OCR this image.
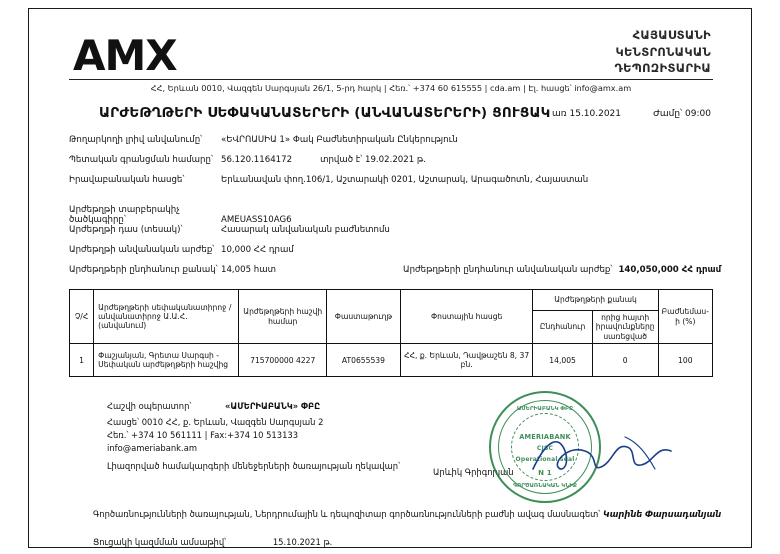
AMX	ՀԱՅԱՍՏԱՆԻ
ԿԵՆՏՐՈՆԱԿԱՆ
ԴԵՊՈԶԻՏԱՐԻԱ
ՀՀ, Երևան 0010, Վազգեն Սարգսյան 26/1, 5-րդ հարկ | Հեռ.՝ +374 60 615555 | cda.am | Էլ. հասցե՝ info@amx.am
ԱՐԺԵԹՂԹԵՐԻ ՍԵՓԱԿԱՆԱՏԵՐԵՐԻ (ԱՆՎԱՆԱՏԵՐԵՐԻ) ՑՈՒՑԱԿ առ 15.10.2021	Ժամը՝ 09:00
Թողարկողի լրիվ անվանումը՝ «ԵՎՐՈԱՍԻԱ 1» Փակ Բաժնետիրական Ընկերություն
Պետական գրանցման համարը՝ 56.120.1164172	տրված է՝ 19.02.2021 թ.
Իրավաբանական հասցե՝	Երևանավան փող.106/1, Աշտարակի 0201, Աշտարակ, Արագածոտն, Հայաստան
Արժեթղթի տարբերակիչ ծածկագիրը՝	AMEUASS10AG6
Արժեթղթի դաս (տեսակ)՝	Հասարակ անվանական բաժնետոմս
Արժեթղթի անվանական արժեք՝ 10,000 ՀՀ դրամ
Արժեթղթերի ընդհանուր քանակ՝ 14,005 հատ	Արժեթղթերի ընդհանուր անվանական արժեք՝ 140,050,000 ՀՀ դրամ
Չ/Հ	Արժեթղթերի սեփականատիրոջ / անվանատիրոջ Ա.Ա.Հ. (անվանում)	Արժեթղթերի հաշվի համար	Փաստաթուղթ	Փոստային հասցե	Արժեթղթերի քանակ		Բաժնեմաս-ի (%)
					Ընդհանուր	որից հայտի իրավունքները սառեցված	
1	Փաշյանյան, Գրետա Սարգսի - Սեփական արժեթղթերի հաշվից	715700000 4227	AT0655539	ՀՀ, ք. Երևան, Դավթաշեն 8, 37 բն.	14,005	0	100
Հաշվի օպերատոր՝	«ԱՄԵՐԻԱԲԱՆԿ» ՓԲԸ
Հասցե՝ 0010 ՀՀ, ք. Երևան, Վազգեն Սարգսյան 2
Հեռ.՝ +374 10 561111 | Fax:+374 10 513133
info@ameriabank.am
Լիազորված համակարգերի մենեջերների ծառայության ղեկավար՝
Արևիկ Գրիգորյան
Գործառնությունների ծառայության, Ներդրումային և դեպոզիտար գործառնությունների բաժնի ավագ մասնագետ՝ Կարինե Փարսադանյան
Ցուցակի կազմման ամսաթիվ՝	15.10.2021 թ.
ԱՄԵՐԻԱԲԱՆԿ ՓԲԸ
AMERIABANK
CJSC
Operational seal
N 1
ԳՈՐԾԱՌՆԱԿԱՆ ԿՆԻՔ
